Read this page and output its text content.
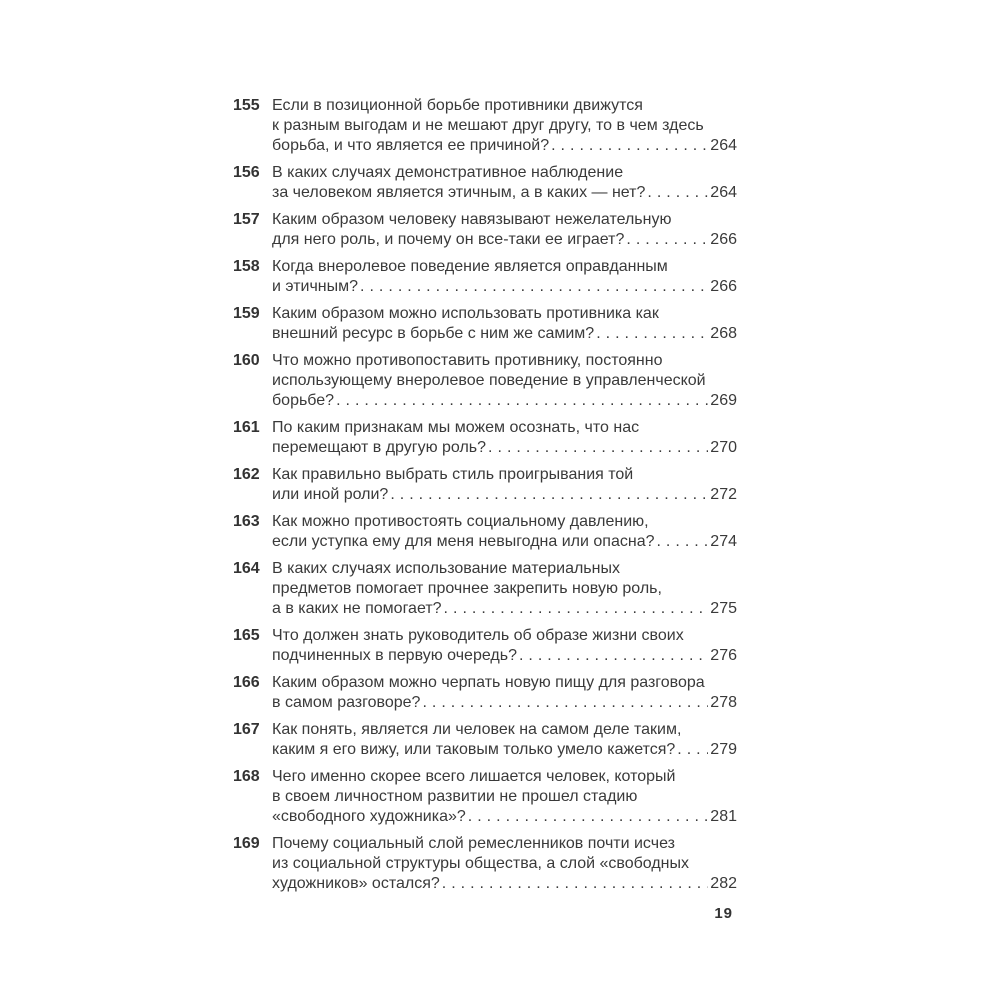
155 Если в позиционной борьбе противники движутся
к разным выгодам и не мешают друг другу, то в чем здесь
борьба, и что является ее причиной? .....	264
156 В каких случаях демонстративное наблюдение
за человеком является этичным, а в каких — нет? .....	264
157 Каким образом человеку навязывают нежелательную
для него роль, и почему он все-таки ее играет? .....	266
158 Когда внеролевое поведение является оправданным
и этичным? .....	266
159 Каким образом можно использовать противника как
внешний ресурс в борьбе с ним же самим? .....	268
160 Что можно противопоставить противнику, постоянно
использующему внеролевое поведение в управленческой
борьбе? .....	269
161 По каким признакам мы можем осознать, что нас
перемещают в другую роль? .....	270
162 Как правильно выбрать стиль проигрывания той
или иной роли? .....	272
163 Как можно противостоять социальному давлению,
если уступка ему для меня невыгодна или опасна? .....	274
164 В каких случаях использование материальных
предметов помогает прочнее закрепить новую роль,
а в каких не помогает? .....	275
165 Что должен знать руководитель об образе жизни своих
подчиненных в первую очередь? .....	276
166 Каким образом можно черпать новую пищу для разговора
в самом разговоре? .....	278
167 Как понять, является ли человек на самом деле таким,
каким я его вижу, или таковым только умело кажется? ..... 279
168 Чего именно скорее всего лишается человек, который
в своем личностном развитии не прошел стадию
«свободного художника»? .....	281
169 Почему социальный слой ремесленников почти исчез
из социальной структуры общества, а слой «свободных
художников» остался? .....	282
19
